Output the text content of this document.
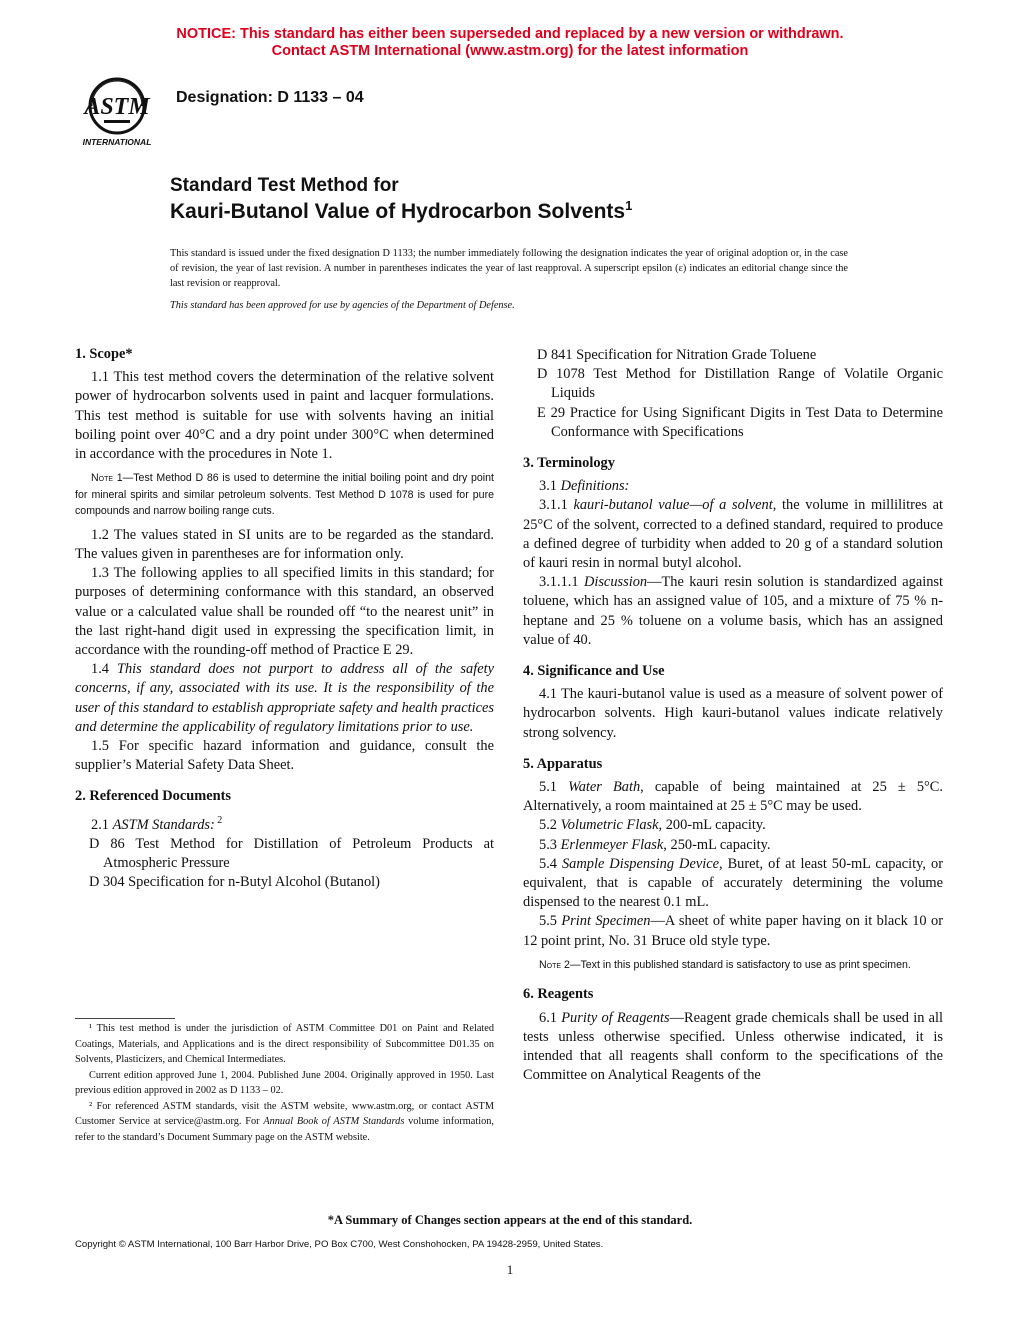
NOTICE: This standard has either been superseded and replaced by a new version or withdrawn.
Contact ASTM International (www.astm.org) for the latest information
ASTM
INTERNATIONAL
Designation: D 1133 – 04
Standard Test Method for
Kauri-Butanol Value of Hydrocarbon Solvents$^1$
This standard is issued under the fixed designation D 1133; the number immediately following the designation indicates the year of original adoption or, in the case of revision, the year of last revision. A number in parentheses indicates the year of last reapproval. A superscript epsilon (ε) indicates an editorial change since the last revision or reapproval.
This standard has been approved for use by agencies of the Department of Defense.
1. Scope*

1.1 This test method covers the determination of the relative solvent power of hydrocarbon solvents used in paint and lacquer formulations. This test method is suitable for use with solvents having an initial boiling point over 40°C and a dry point under 300°C when determined in accordance with the procedures in Note 1.

Note 1—Test Method D 86 is used to determine the initial boiling point and dry point for mineral spirits and similar petroleum solvents. Test Method D 1078 is used for pure compounds and narrow boiling range cuts.

1.2 The values stated in SI units are to be regarded as the standard. The values given in parentheses are for information only.

1.3 The following applies to all specified limits in this standard; for purposes of determining conformance with this standard, an observed value or a calculated value shall be rounded off “to the nearest unit” in the last right-hand digit used in expressing the specification limit, in accordance with the rounding-off method of Practice E 29.

1.4 This standard does not purport to address all of the safety concerns, if any, associated with its use. It is the responsibility of the user of this standard to establish appropriate safety and health practices and determine the applicability of regulatory limitations prior to use.

1.5 For specific hazard information and guidance, consult the supplier’s Material Safety Data Sheet.

2. Referenced Documents

2.1 ASTM Standards: $^2$

D 86 Test Method for Distillation of Petroleum Products at Atmospheric Pressure

D 304 Specification for n-Butyl Alcohol (Butanol)

¹ This test method is under the jurisdiction of ASTM Committee D01 on Paint and Related Coatings, Materials, and Applications and is the direct responsibility of Subcommittee D01.35 on Solvents, Plasticizers, and Chemical Intermediates.

Current edition approved June 1, 2004. Published June 2004. Originally approved in 1950. Last previous edition approved in 2002 as D 1133 – 02.

² For referenced ASTM standards, visit the ASTM website, www.astm.org, or contact ASTM Customer Service at service@astm.org. For Annual Book of ASTM Standards volume information, refer to the standard’s Document Summary page on the ASTM website.

D 841 Specification for Nitration Grade Toluene

D 1078 Test Method for Distillation Range of Volatile Organic Liquids

E 29 Practice for Using Significant Digits in Test Data to Determine Conformance with Specifications

3. Terminology

3.1 Definitions:

3.1.1 kauri-butanol value—of a solvent, the volume in millilitres at 25°C of the solvent, corrected to a defined standard, required to produce a defined degree of turbidity when added to 20 g of a standard solution of kauri resin in normal butyl alcohol.

3.1.1.1 Discussion—The kauri resin solution is standardized against toluene, which has an assigned value of 105, and a mixture of 75 % n-heptane and 25 % toluene on a volume basis, which has an assigned value of 40.

4. Significance and Use

4.1 The kauri-butanol value is used as a measure of solvent power of hydrocarbon solvents. High kauri-butanol values indicate relatively strong solvency.

5. Apparatus

5.1 Water Bath, capable of being maintained at 25 ± 5°C. Alternatively, a room maintained at 25 ± 5°C may be used.

5.2 Volumetric Flask, 200-mL capacity.

5.3 Erlenmeyer Flask, 250-mL capacity.

5.4 Sample Dispensing Device, Buret, of at least 50-mL capacity, or equivalent, that is capable of accurately determining the volume dispensed to the nearest 0.1 mL.

5.5 Print Specimen—A sheet of white paper having on it black 10 or 12 point print, No. 31 Bruce old style type.

Note 2—Text in this published standard is satisfactory to use as print specimen.

6. Reagents

6.1 Purity of Reagents—Reagent grade chemicals shall be used in all tests unless otherwise specified. Unless otherwise indicated, it is intended that all reagents shall conform to the specifications of the Committee on Analytical Reagents of the

*A Summary of Changes section appears at the end of this standard.
Copyright © ASTM International, 100 Barr Harbor Drive, PO Box C700, West Conshohocken, PA 19428-2959, United States.
1
